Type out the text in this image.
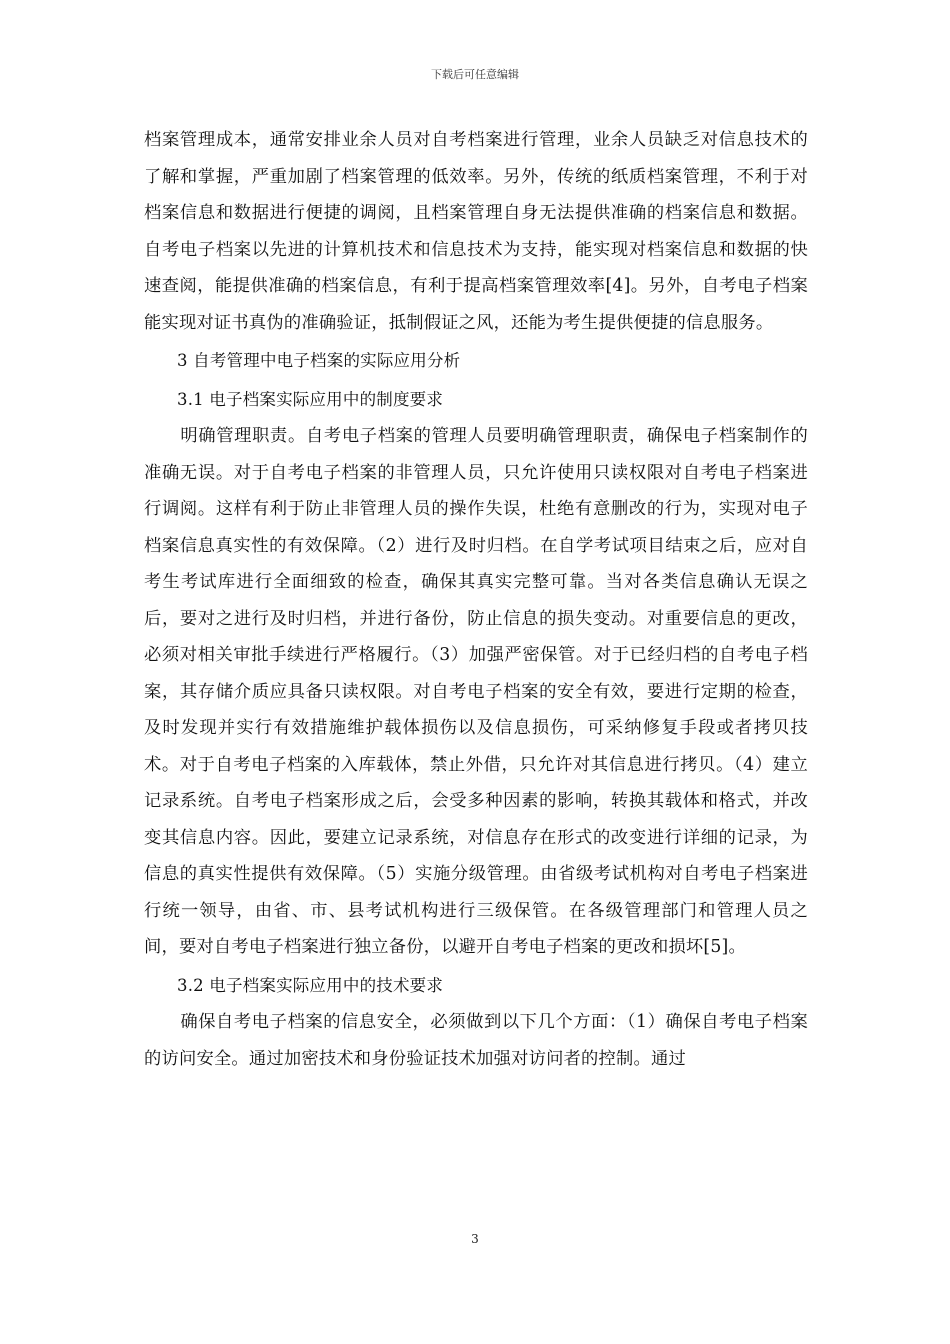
下载后可任意编辑

档案管理成本，通常安排业余人员对自考档案进行管理，业余人员缺乏对信息技术的了解和掌握，严重加剧了档案管理的低效率。另外，传统的纸质档案管理，不利于对档案信息和数据进行便捷的调阅，且档案管理自身无法提供准确的档案信息和数据。自考电子档案以先进的计算机技术和信息技术为支持，能实现对档案信息和数据的快速查阅，能提供准确的档案信息，有利于提高档案管理效率[4]。另外，自考电子档案能实现对证书真伪的准确验证，抵制假证之风，还能为考生提供便捷的信息服务。

3 自考管理中电子档案的实际应用分析

3.1 电子档案实际应用中的制度要求

明确管理职责。自考电子档案的管理人员要明确管理职责，确保电子档案制作的准确无误。对于自考电子档案的非管理人员，只允许使用只读权限对自考电子档案进行调阅。这样有利于防止非管理人员的操作失误，杜绝有意删改的行为，实现对电子档案信息真实性的有效保障。（2）进行及时归档。在自学考试项目结束之后，应对自考生考试库进行全面细致的检查，确保其真实完整可靠。当对各类信息确认无误之后，要对之进行及时归档，并进行备份，防止信息的损失变动。对重要信息的更改，必须对相关审批手续进行严格履行。（3）加强严密保管。对于已经归档的自考电子档案，其存储介质应具备只读权限。对自考电子档案的安全有效，要进行定期的检查，及时发现并实行有效措施维护载体损伤以及信息损伤，可采纳修复手段或者拷贝技术。对于自考电子档案的入库载体，禁止外借，只允许对其信息进行拷贝。（4）建立记录系统。自考电子档案形成之后，会受多种因素的影响，转换其载体和格式，并改变其信息内容。因此，要建立记录系统，对信息存在形式的改变进行详细的记录，为信息的真实性提供有效保障。（5）实施分级管理。由省级考试机构对自考电子档案进行统一领导，由省、市、县考试机构进行三级保管。在各级管理部门和管理人员之间，要对自考电子档案进行独立备份，以避开自考电子档案的更改和损坏[5]。

3.2 电子档案实际应用中的技术要求

确保自考电子档案的信息安全，必须做到以下几个方面：（1）确保自考电子档案的访问安全。通过加密技术和身份验证技术加强对访问者的控制。通过

3
